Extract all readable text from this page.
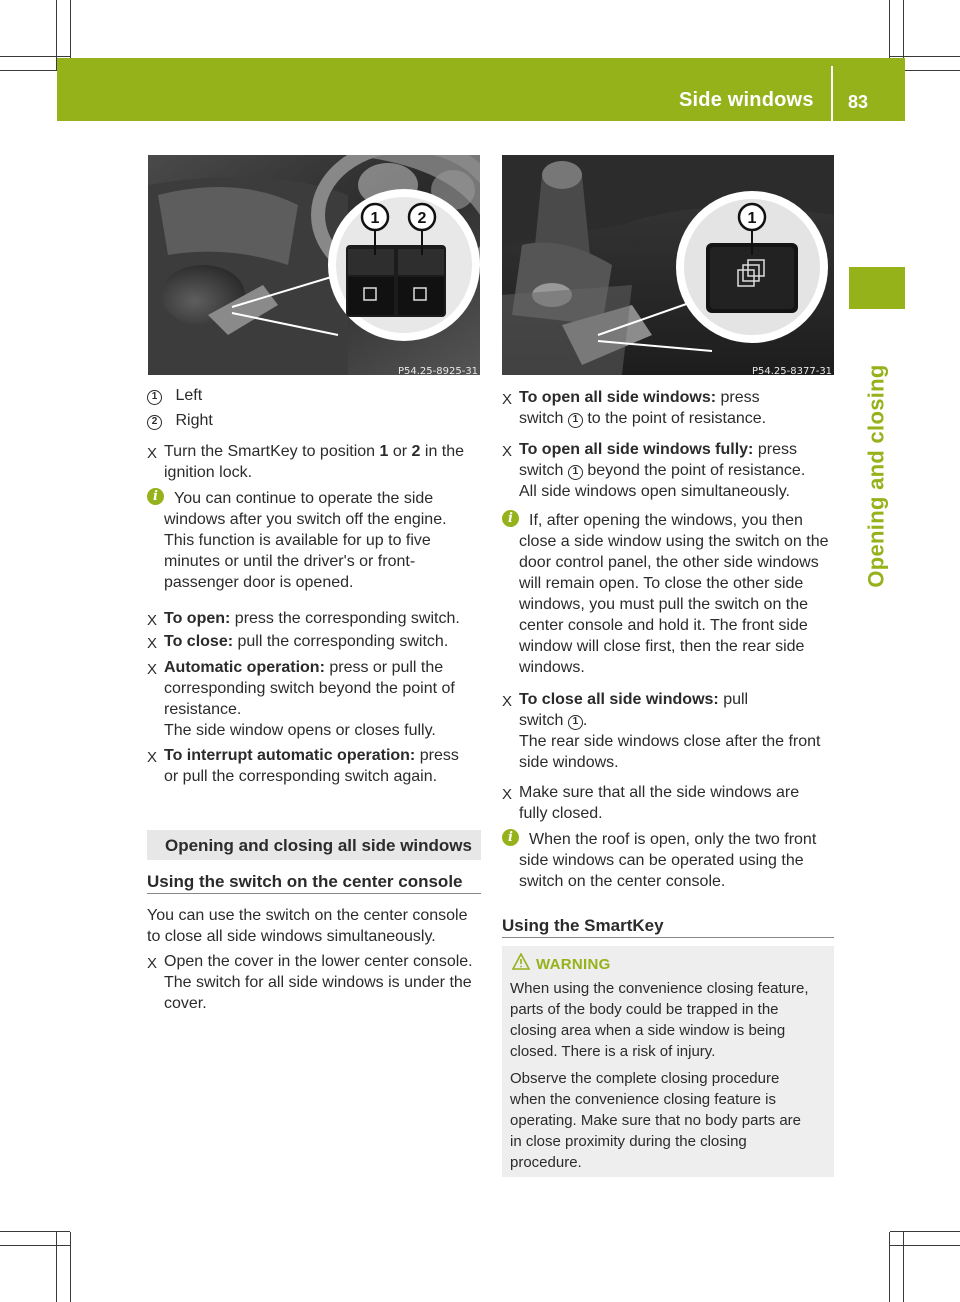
Side windows 83
Opening and closing
1 2
P54.25-8925-31
1
P54.25-8377-31
1 Left
2 Right
X Turn the SmartKey to position 1 or 2 in the
ignition lock.
i	You can continue to operate the side
windows after you switch off the engine.
This function is available for up to five
minutes or until the driver's or front-
passenger door is opened.
X To open: press the corresponding switch.
X To close: pull the corresponding switch.
X Automatic operation: press or pull the
corresponding switch beyond the point of
resistance.
The side window opens or closes fully.
X To interrupt automatic operation: press
or pull the corresponding switch again.
Opening and closing all side windows
Using the switch on the center console
You can use the switch on the center console
to close all side windows simultaneously.
X Open the cover in the lower center console.
The switch for all side windows is under the
cover.
X To open all side windows: press
switch 1 to the point of resistance.
X To open all side windows fully: press
switch 1 beyond the point of resistance.
All side windows open simultaneously.
i	If, after opening the windows, you then
close a side window using the switch on the
door control panel, the other side windows
will remain open. To close the other side
windows, you must pull the switch on the
center console and hold it. The front side
window will close first, then the rear side
windows.
X To close all side windows: pull
switch 1 .
The rear side windows close after the front
side windows.
X Make sure that all the side windows are
fully closed.
i	When the roof is open, only the two front
side windows can be operated using the
switch on the center console.
Using the SmartKey
WARNING
When using the convenience closing feature,
parts of the body could be trapped in the
closing area when a side window is being
closed. There is a risk of injury.
Observe the complete closing procedure
when the convenience closing feature is
operating. Make sure that no body parts are
in close proximity during the closing
procedure.
